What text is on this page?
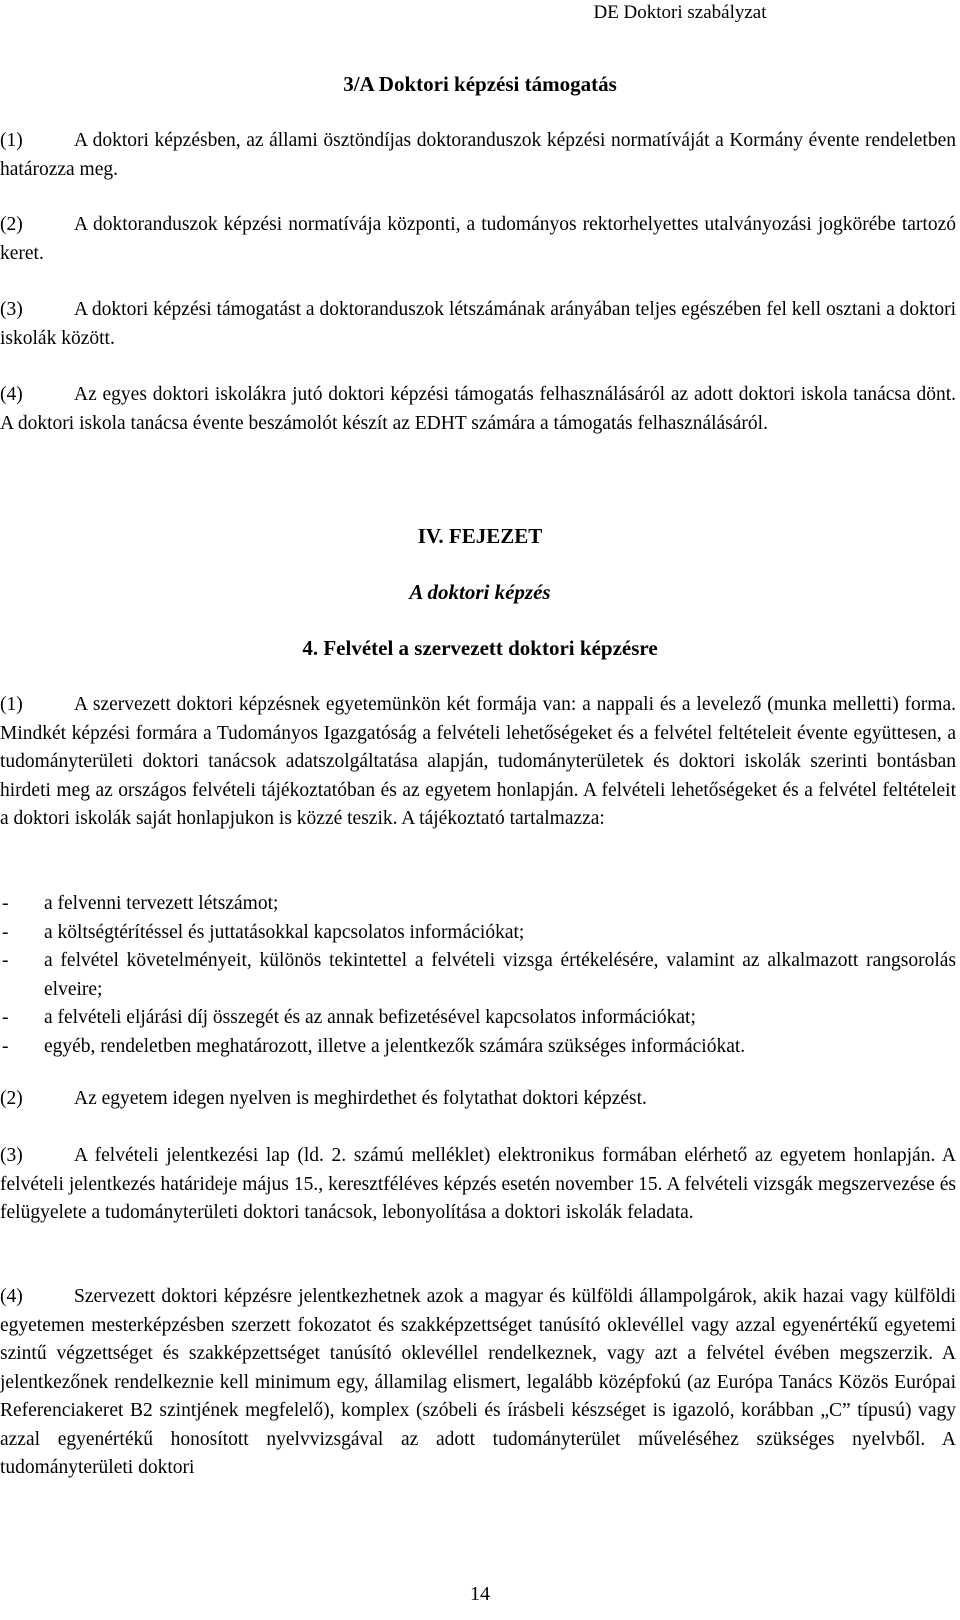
DE Doktori szabályzat
3/A Doktori képzési támogatás

(1)	A doktori képzésben, az állami ösztöndíjas doktoranduszok képzési normatíváját a Kormány évente rendeletben határozza meg.

(2)	A doktoranduszok képzési normatívája központi, a tudományos rektorhelyettes utalványozási jogkörébe tartozó keret.

(3)	A doktori képzési támogatást a doktoranduszok létszámának arányában teljes egészében fel kell osztani a doktori iskolák között.

(4)	Az egyes doktori iskolákra jutó doktori képzési támogatás felhasználásáról az adott doktori iskola tanácsa dönt. A doktori iskola tanácsa évente beszámolót készít az EDHT számára a támogatás felhasználásáról.

IV. FEJEZET
A doktori képzés
4. Felvétel a szervezett doktori képzésre

(1)	A szervezett doktori képzésnek egyetemünkön két formája van: a nappali és a levelező (munka melletti) forma. Mindkét képzési formára a Tudományos Igazgatóság a felvételi lehetőségeket és a felvétel feltételeit évente együttesen, a tudományterületi doktori tanácsok adatszolgáltatása alapján, tudományterületek és doktori iskolák szerinti bontásban hirdeti meg az országos felvételi tájékoztatóban és az egyetem honlapján. A felvételi lehetőségeket és a felvétel feltételeit a doktori iskolák saját honlapjukon is közzé teszik. A tájékoztató tartalmazza:

- a felvenni tervezett létszámot;
- a költségtérítéssel és juttatásokkal kapcsolatos információkat;
- a felvétel követelményeit, különös tekintettel a felvételi vizsga értékelésére, valamint az alkalmazott rangsorolás elveire;
- a felvételi eljárási díj összegét és az annak befizetésével kapcsolatos információkat;
- egyéb, rendeletben meghatározott, illetve a jelentkezők számára szükséges információkat.

(2)	Az egyetem idegen nyelven is meghirdethet és folytathat doktori képzést.

(3)	A felvételi jelentkezési lap (ld. 2. számú melléklet) elektronikus formában elérhető az egyetem honlapján. A felvételi jelentkezés határideje május 15., keresztféléves képzés esetén november 15. A felvételi vizsgák megszervezése és felügyelete a tudományterületi doktori tanácsok, lebonyolítása a doktori iskolák feladata.

(4)	Szervezett doktori képzésre jelentkezhetnek azok a magyar és külföldi állampolgárok, akik hazai vagy külföldi egyetemen mesterképzésben szerzett fokozatot és szakképzettséget tanúsító oklevéllel vagy azzal egyenértékű egyetemi szintű végzettséget és szakképzettséget tanúsító oklevéllel rendelkeznek, vagy azt a felvétel évében megszerzik. A jelentkezőnek rendelkeznie kell minimum egy, államilag elismert, legalább középfokú (az Európa Tanács Közös Európai Referenciakeret B2 szintjének megfelelő), komplex (szóbeli és írásbeli készséget is igazoló, korábban „C” típusú) vagy azzal egyenértékű honosított nyelvvizsgával az adott tudományterület műveléséhez szükséges nyelvből. A tudományterületi doktori

14
